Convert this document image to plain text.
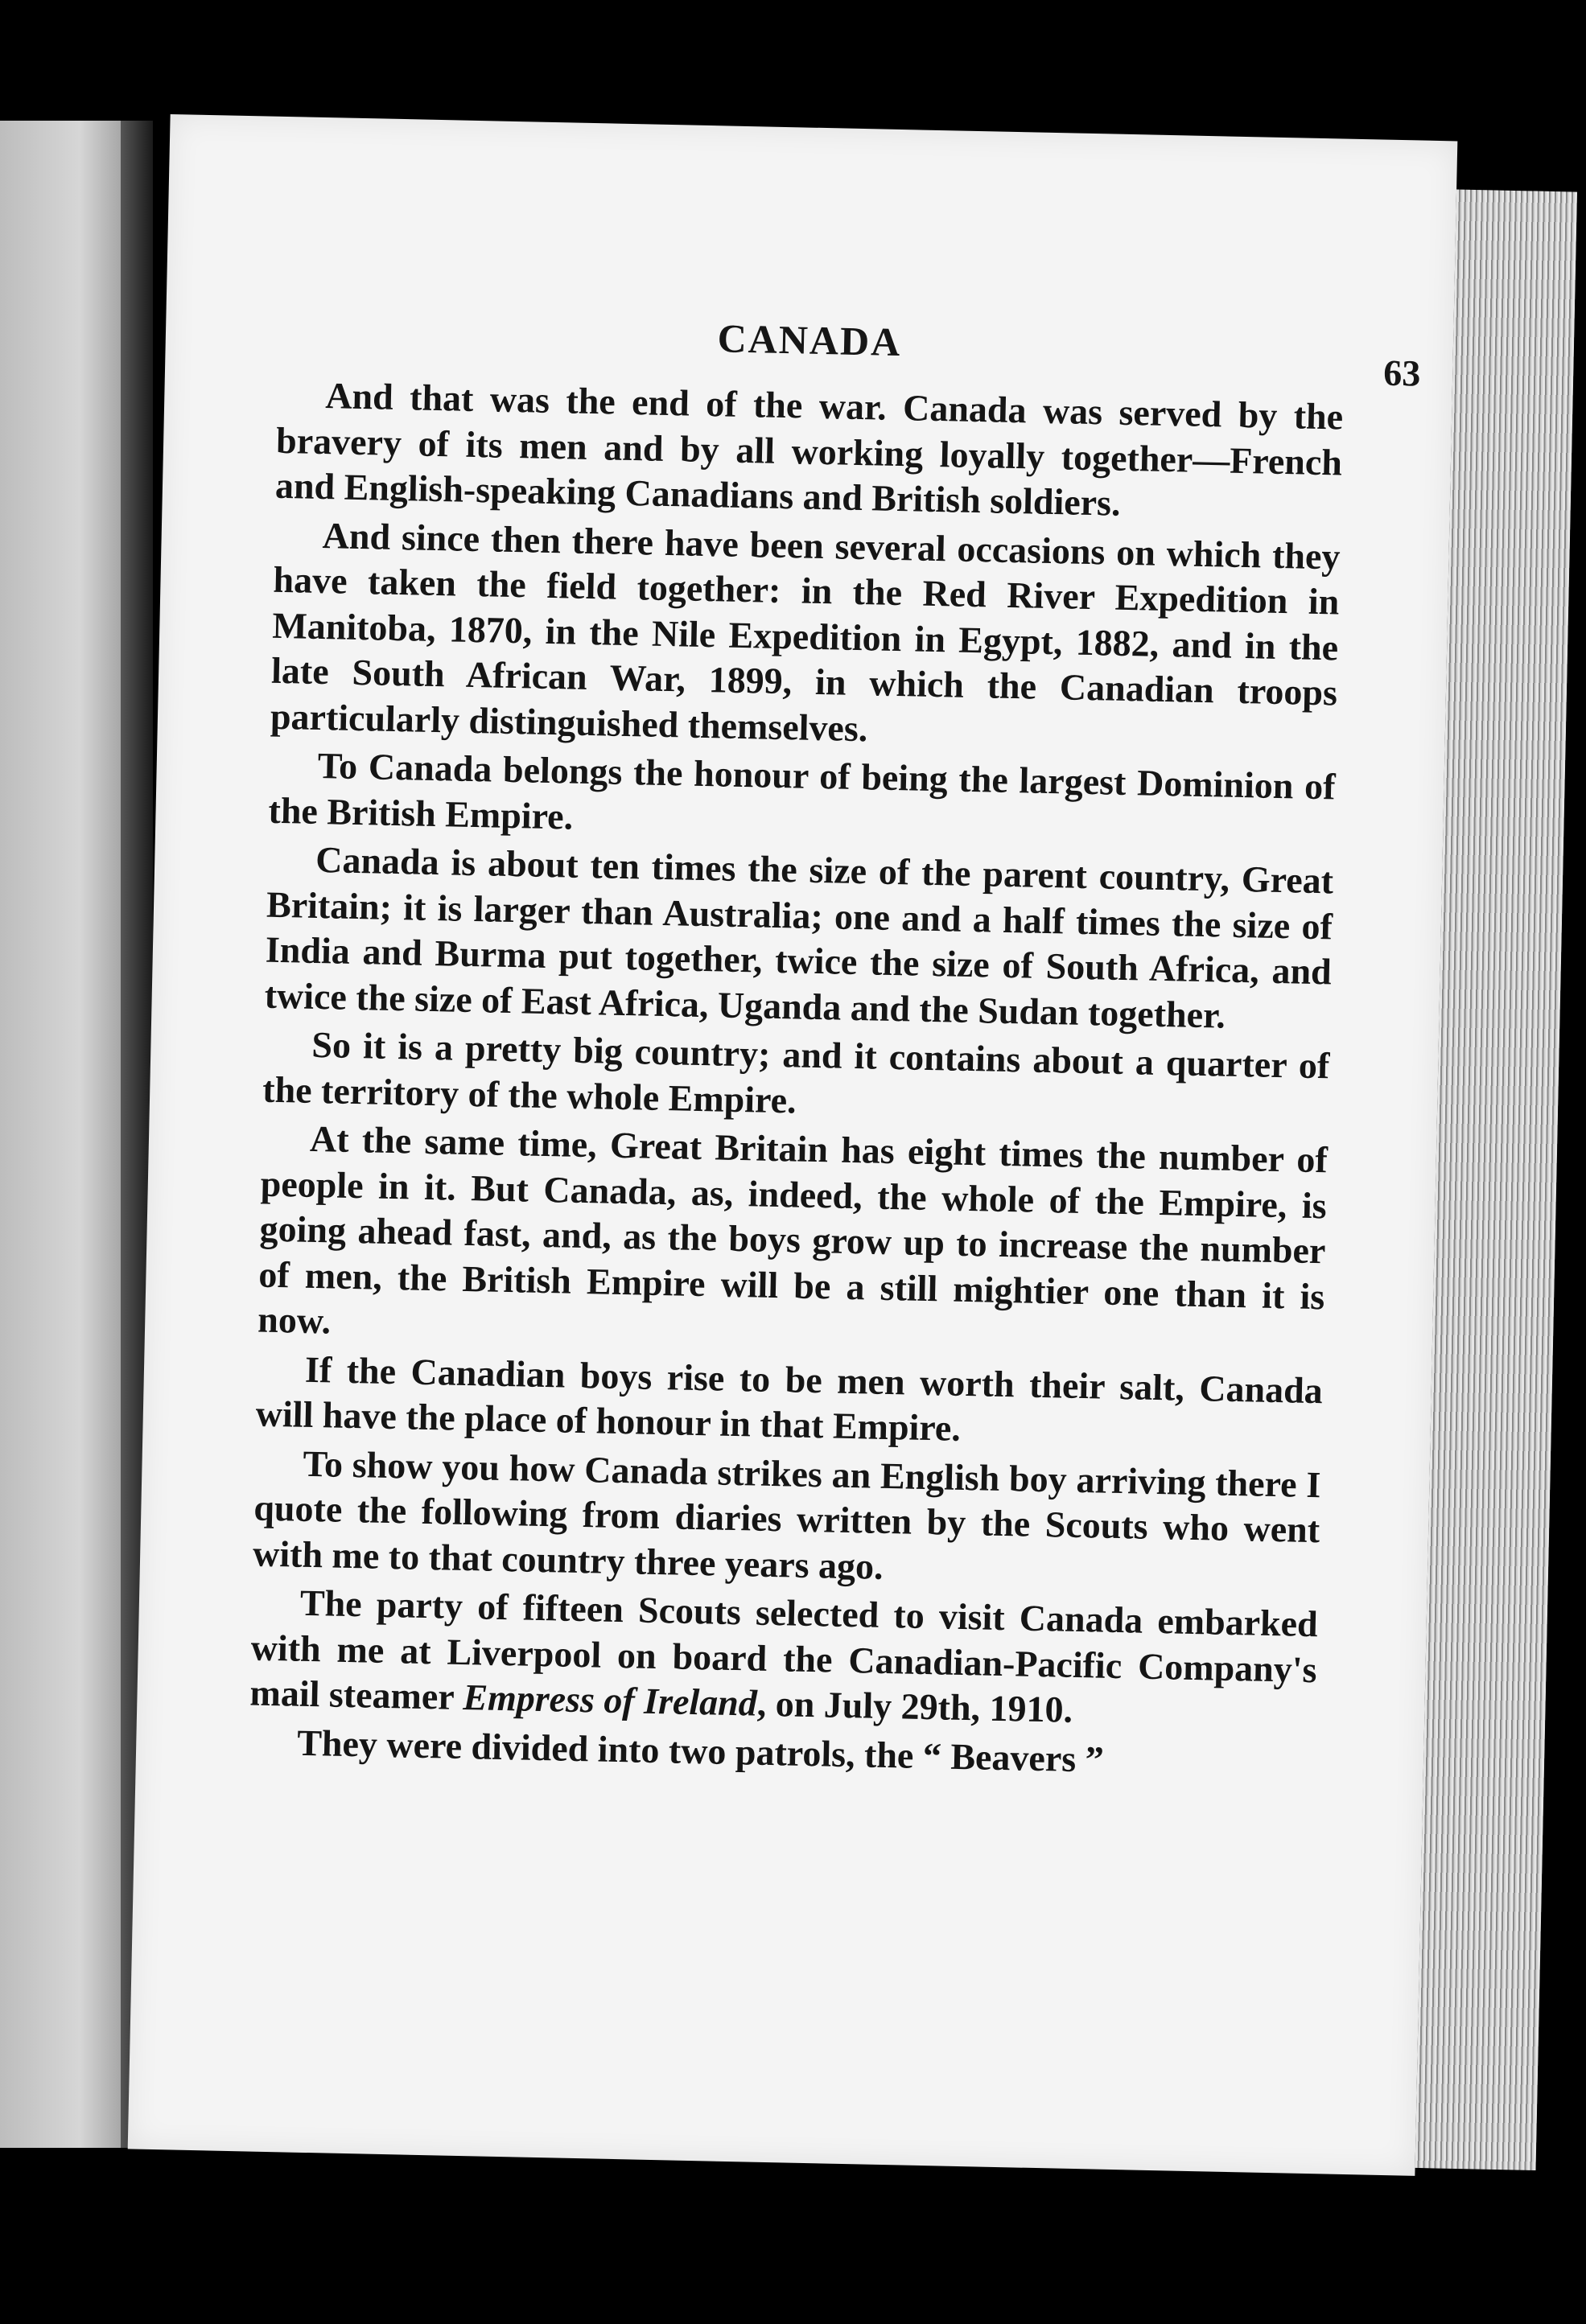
CANADA
63

And that was the end of the war. Canada was served by the bravery of its men and by all working loyally together—French and English-speaking Canadians and British soldiers.

And since then there have been several occasions on which they have taken the field together: in the Red River Expedition in Manitoba, 1870, in the Nile Expedition in Egypt, 1882, and in the late South African War, 1899, in which the Canadian troops particularly distinguished themselves.

To Canada belongs the honour of being the largest Dominion of the British Empire.

Canada is about ten times the size of the parent country, Great Britain; it is larger than Australia; one and a half times the size of India and Burma put together, twice the size of South Africa, and twice the size of East Africa, Uganda and the Sudan together.

So it is a pretty big country; and it contains about a quarter of the territory of the whole Empire.

At the same time, Great Britain has eight times the number of people in it. But Canada, as, indeed, the whole of the Empire, is going ahead fast, and, as the boys grow up to increase the number of men, the British Empire will be a still mightier one than it is now.

If the Canadian boys rise to be men worth their salt, Canada will have the place of honour in that Empire.

To show you how Canada strikes an English boy arriving there I quote the following from diaries written by the Scouts who went with me to that country three years ago.

The party of fifteen Scouts selected to visit Canada embarked with me at Liverpool on board the Canadian-Pacific Company's mail steamer Empress of Ireland, on July 29th, 1910.

They were divided into two patrols, the “ Beavers ”
